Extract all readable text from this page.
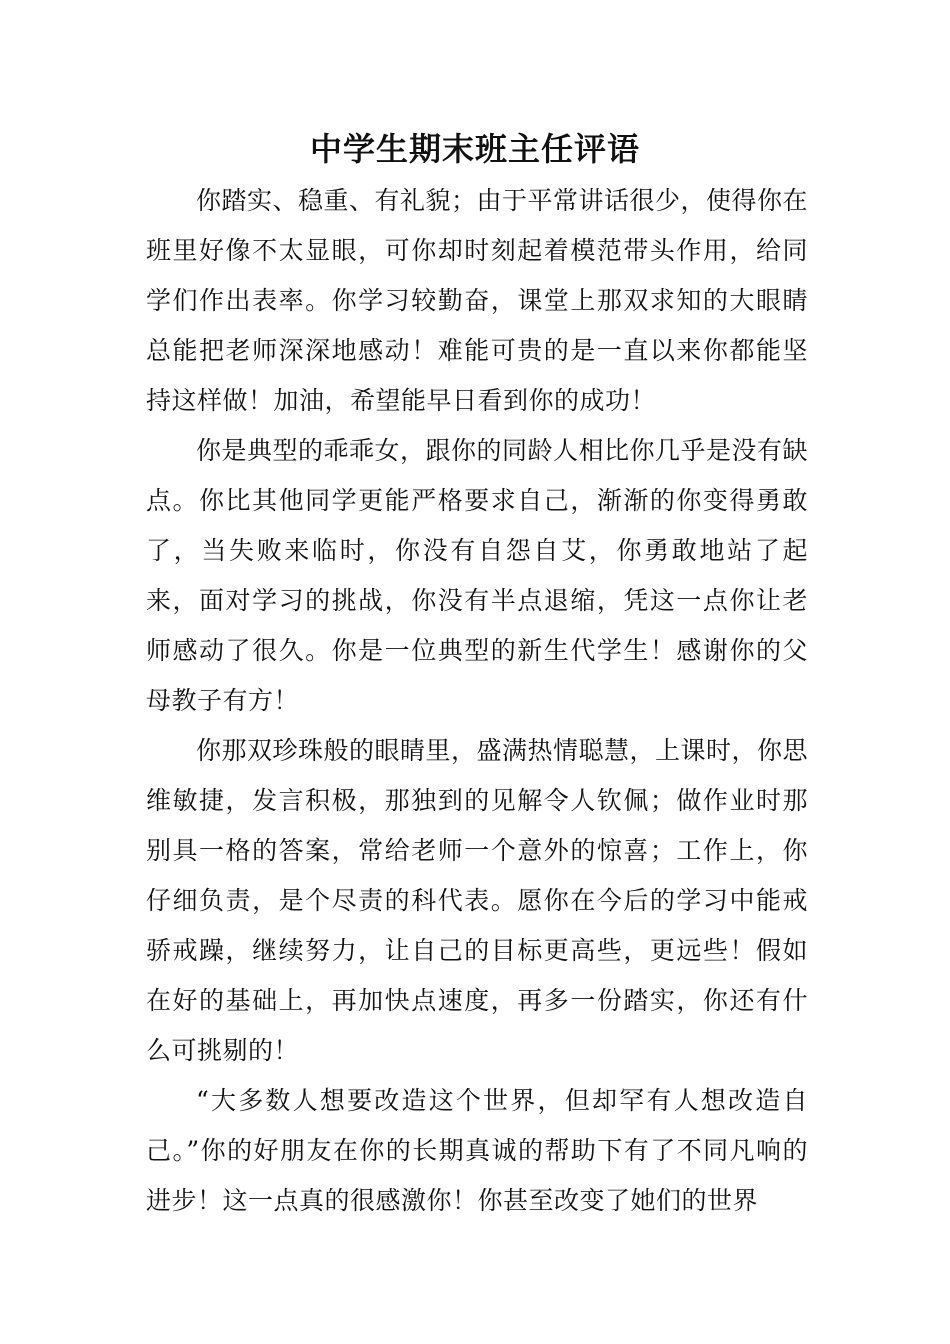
中学生期末班主任评语

你踏实、稳重、有礼貌；由于平常讲话很少，使得你在班里好像不太显眼，可你却时刻起着模范带头作用，给同学们作出表率。你学习较勤奋，课堂上那双求知的大眼睛总能把老师深深地感动！难能可贵的是一直以来你都能坚持这样做！加油，希望能早日看到你的成功！

你是典型的乖乖女，跟你的同龄人相比你几乎是没有缺点。你比其他同学更能严格要求自己，渐渐的你变得勇敢了，当失败来临时，你没有自怨自艾，你勇敢地站了起来，面对学习的挑战，你没有半点退缩，凭这一点你让老师感动了很久。你是一位典型的新生代学生！感谢你的父母教子有方！

你那双珍珠般的眼睛里，盛满热情聪慧，上课时，你思维敏捷，发言积极，那独到的见解令人钦佩；做作业时那别具一格的答案，常给老师一个意外的惊喜；工作上，你仔细负责，是个尽责的科代表。愿你在今后的学习中能戒骄戒躁，继续努力，让自己的目标更高些，更远些！假如在好的基础上，再加快点速度，再多一份踏实，你还有什么可挑剔的！

“大多数人想要改造这个世界，但却罕有人想改造自己。”你的好朋友在你的长期真诚的帮助下有了不同凡响的进步！这一点真的很感激你！你甚至改变了她们的世界
